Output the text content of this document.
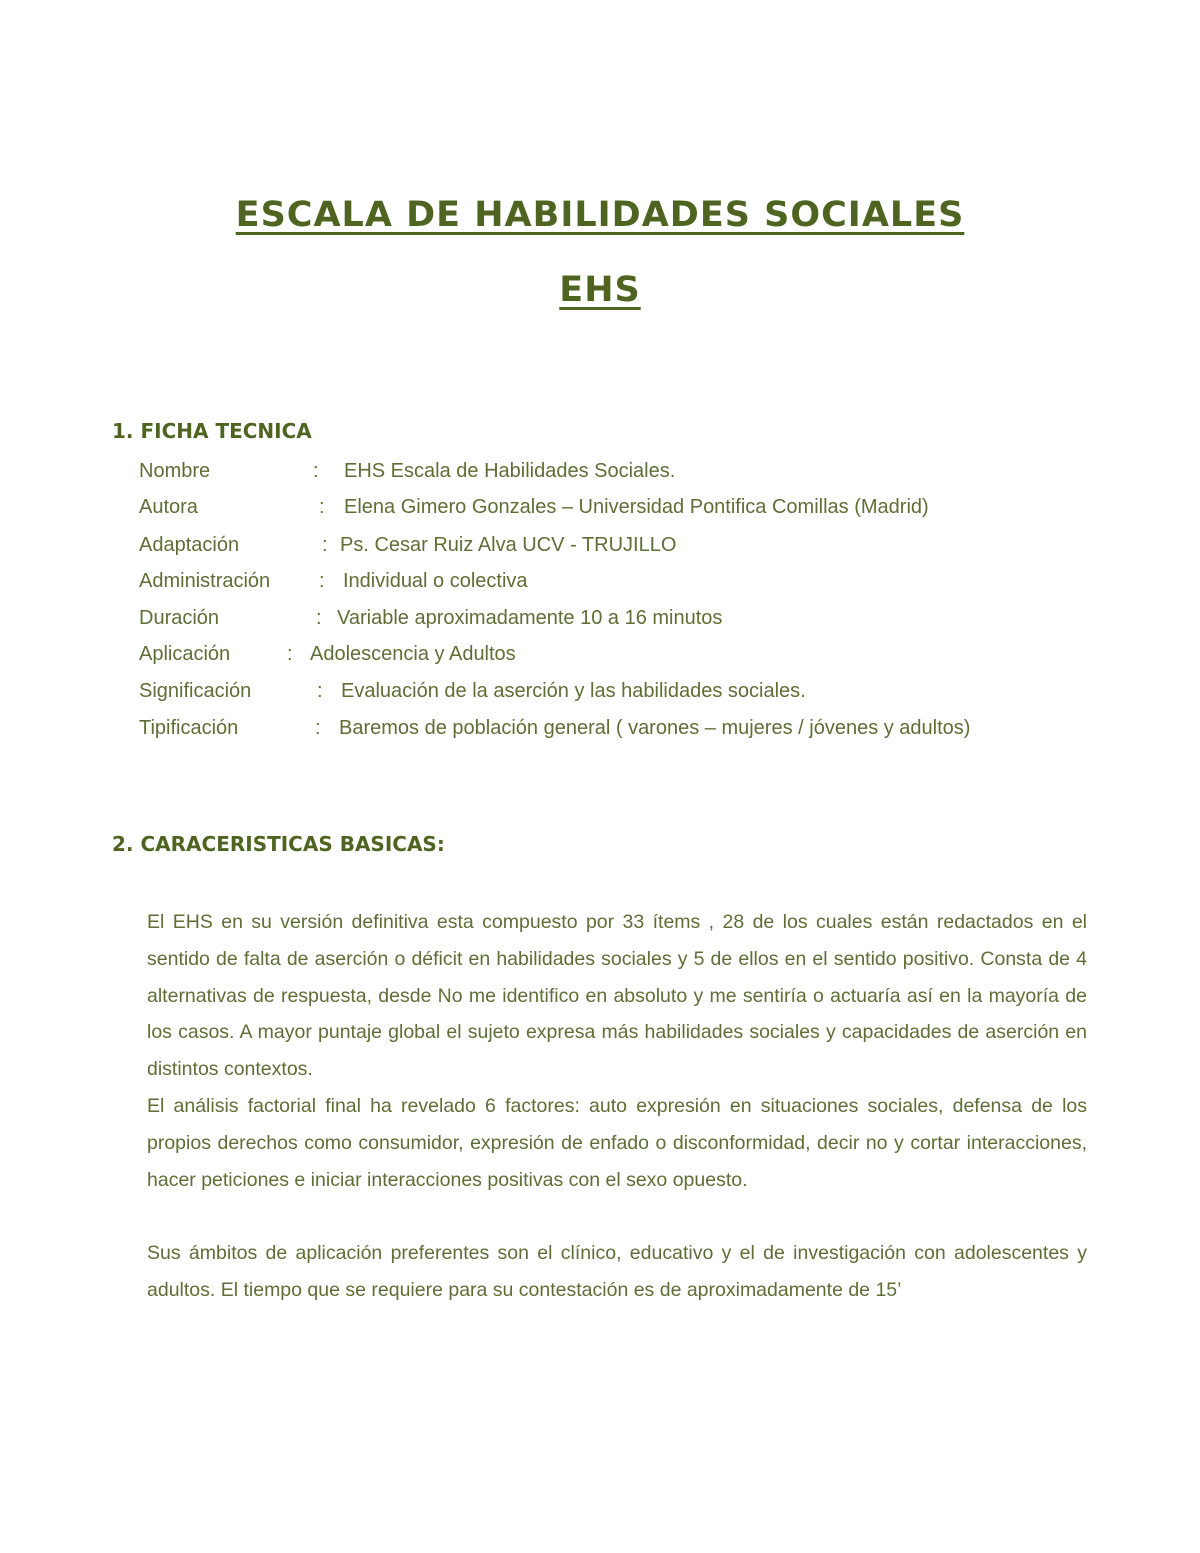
ESCALA DE HABILIDADES SOCIALES
EHS
1. FICHA TECNICA
Nombre	: EHS Escala de Habilidades Sociales.
Autora	: Elena Gimero Gonzales – Universidad Pontifica Comillas (Madrid)
Adaptación	: Ps. Cesar Ruiz Alva UCV - TRUJILLO
Administración : Individual o colectiva
Duración	: Variable aproximadamente 10 a 16 minutos
Aplicación	: Adolescencia y Adultos
Significación	: Evaluación de la aserción y las habilidades sociales.
Tipificación	: Baremos de población general ( varones – mujeres / jóvenes y adultos)
2. CARACERISTICAS BASICAS:

El EHS en su versión definitiva esta compuesto por 33 ítems , 28 de los cuales están redactados en el sentido de falta de aserción o déficit en habilidades sociales y 5 de ellos en el sentido positivo. Consta de 4 alternativas de respuesta, desde No me identifico en absoluto y me sentiría o actuaría así en la mayoría de los casos. A mayor puntaje global el sujeto expresa más habilidades sociales y capacidades de aserción en distintos contextos.

El análisis factorial final ha revelado 6 factores: auto expresión en situaciones sociales, defensa de los propios derechos como consumidor, expresión de enfado o disconformidad, decir no y cortar interacciones, hacer peticiones e iniciar interacciones positivas con el sexo opuesto.

Sus ámbitos de aplicación preferentes son el clínico, educativo y el de investigación con adolescentes y adultos. El tiempo que se requiere para su contestación es de aproximadamente de 15’
